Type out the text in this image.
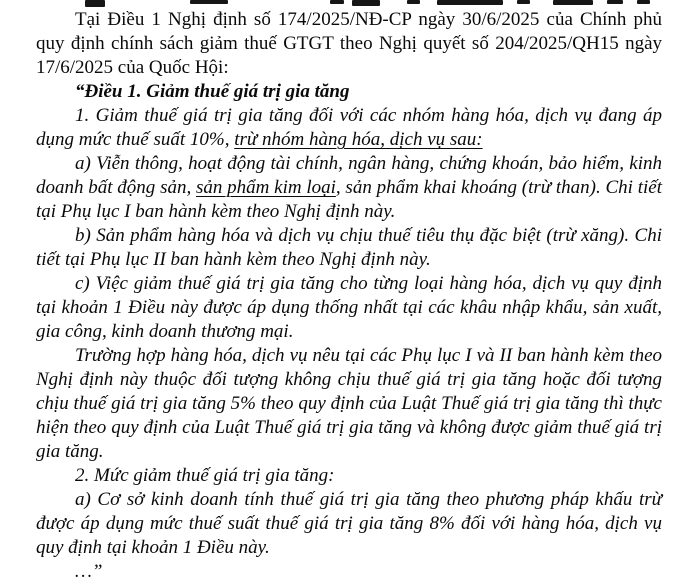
Tại Điều 1 Nghị định số 174/2025/NĐ-CP ngày 30/6/2025 của Chính phủ quy định chính sách giảm thuế GTGT theo Nghị quyết số 204/2025/QH15 ngày 17/6/2025 của Quốc Hội:

“Điều 1. Giảm thuế giá trị gia tăng

1. Giảm thuế giá trị gia tăng đối với các nhóm hàng hóa, dịch vụ đang áp dụng mức thuế suất 10%, trừ nhóm hàng hóa, dịch vụ sau:

a) Viễn thông, hoạt động tài chính, ngân hàng, chứng khoán, bảo hiểm, kinh doanh bất động sản, sản phẩm kim loại, sản phẩm khai khoáng (trừ than). Chi tiết tại Phụ lục I ban hành kèm theo Nghị định này.

b) Sản phẩm hàng hóa và dịch vụ chịu thuế tiêu thụ đặc biệt (trừ xăng). Chi tiết tại Phụ lục II ban hành kèm theo Nghị định này.

c) Việc giảm thuế giá trị gia tăng cho từng loại hàng hóa, dịch vụ quy định tại khoản 1 Điều này được áp dụng thống nhất tại các khâu nhập khẩu, sản xuất, gia công, kinh doanh thương mại.

Trường hợp hàng hóa, dịch vụ nêu tại các Phụ lục I và II ban hành kèm theo Nghị định này thuộc đối tượng không chịu thuế giá trị gia tăng hoặc đối tượng chịu thuế giá trị gia tăng 5% theo quy định của Luật Thuế giá trị gia tăng thì thực hiện theo quy định của Luật Thuế giá trị gia tăng và không được giảm thuế giá trị gia tăng.

2. Mức giảm thuế giá trị gia tăng:

a) Cơ sở kinh doanh tính thuế giá trị gia tăng theo phương pháp khấu trừ được áp dụng mức thuế suất thuế giá trị gia tăng 8% đối với hàng hóa, dịch vụ quy định tại khoản 1 Điều này.

…”
